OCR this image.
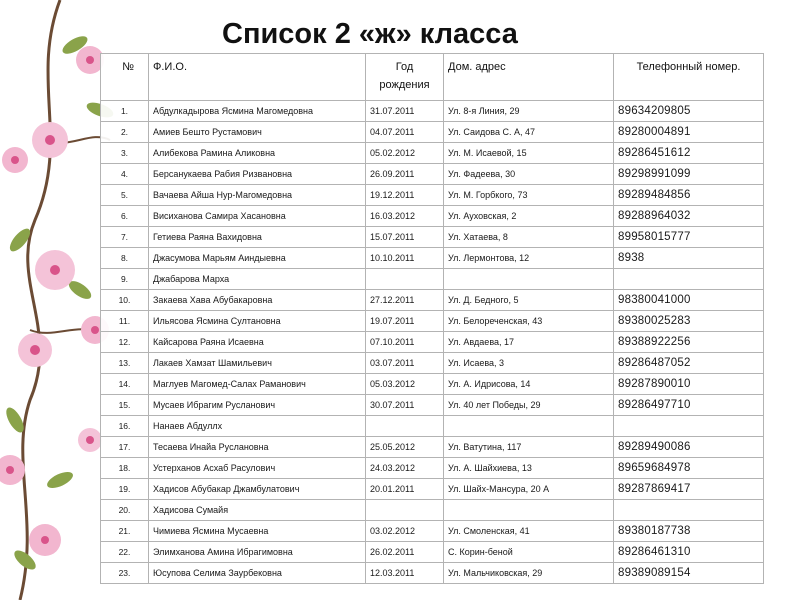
Список 2 «ж» класса
№	Ф.И.О.	Год рождения	Дом. адрес	Телефонный номер.
1.	Абдулкадырова Ясмина Магомедовна	31.07.2011	Ул. 8-я Линия, 29	89634209805
2.	Амиев Бешто Рустамович	04.07.2011	Ул. Саидова С. А, 47	89280004891
3.	Алибекова Рамина Аликовна	05.02.2012	Ул. М. Исаевой, 15	89286451612
4.	Берсанукаева Рабия Ризвановна	26.09.2011	Ул. Фадеева, 30	89298991099
5.	Вачаева Айша Нур-Магомедовна	19.12.2011	Ул. М. Горбкого, 73	89289484856
6.	Висиханова Самира Хасановна	16.03.2012	Ул. Ауховская, 2	89288964032
7.	Гетиева Раяна Вахидовна	15.07.2011	Ул. Хатаева, 8	89958015777
8.	Джасумова Марьям Аиндыевна	10.10.2011	Ул. Лермонтова, 12	8938
9.	Джабарова Марха			
10.	Закаева Хава Абубакаровна	27.12.2011	Ул. Д. Бедного, 5	98380041000
11.	Ильясова Ясмина Султановна	19.07.2011	Ул. Белореченская, 43	89380025283
12.	Кайсарова Раяна Исаевна	07.10.2011	Ул. Авдаева, 17	89388922256
13.	Лакаев Хамзат Шамильевич	03.07.2011	Ул. Исаева, 3	89286487052
14.	Маглуев Магомед-Салах Раманович	05.03.2012	Ул. А. Идрисова, 14	89287890010
15.	Мусаев Ибрагим Русланович	30.07.2011	Ул. 40 лет Победы, 29	89286497710
16.	Нанаев Абдуллх			
17.	Тесаева Инайа Руслановна	25.05.2012	Ул. Ватутина, 117	89289490086
18.	Устерханов Асхаб Расулович	24.03.2012	Ул. А. Шайхиева, 13	89659684978
19.	Хадисов Абубакар Джамбулатович	20.01.2011	Ул. Шайх-Мансура, 20 А	89287869417
20.	Хадисова Сумайя			
21.	Чимиева Ясмина Мусаевна	03.02.2012	Ул. Смоленская, 41	89380187738
22.	Элимханова Амина Ибрагимовна	26.02.2011	С. Корин-беной	89286461310
23.	Юсупова Селима Заурбековна	12.03.2011	Ул. Мальчиковская, 29	89389089154
